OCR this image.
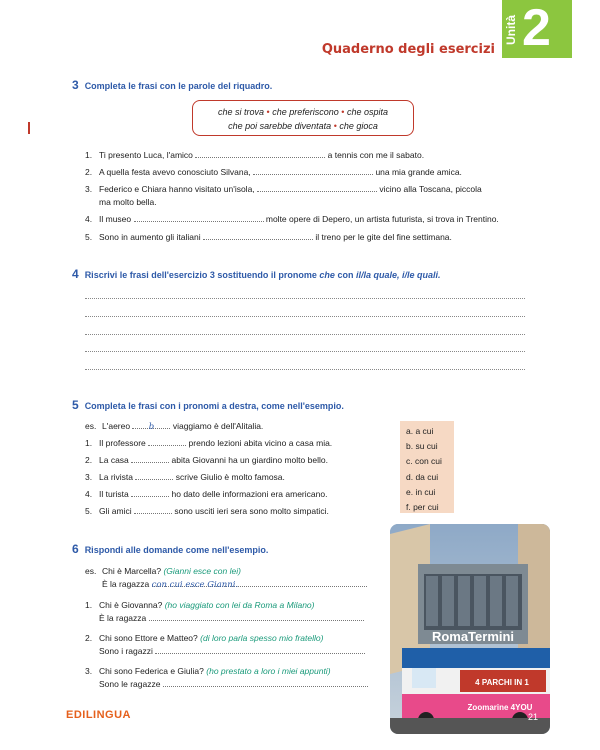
Unità 2
Quaderno degli esercizi
3 Completa le frasi con le parole del riquadro.
che si trova • che preferiscono • che ospita
che poi sarebbe diventata • che gioca
1. Ti presento Luca, l'amico	a tennis con me il sabato.
2. A quella festa avevo conosciuto Silvana,	una mia grande amica.
3. Federico e Chiara hanno visitato un'isola,	vicino alla Toscana, piccola
ma molto bella.
4. Il museo	molte opere di Depero, un artista futurista, si trova in Trentino.
5. Sono in aumento gli italiani	il treno per le gite del fine settimana.
4 Riscrivi le frasi dell'esercizio 3 sostituendo il pronome che con il/la quale, i/le quali.
5 Completa le frasi con i pronomi a destra, come nell'esempio.
es. L'aereo b viaggiamo è dell'Alitalia.
1. Il professore	prendo lezioni abita vicino a casa mia.
2. La casa	abita Giovanni ha un giardino molto bello.
3. La rivista	scrive Giulio è molto famosa.
4. Il turista	ho dato delle informazioni era americano.
5. Gli amici	sono usciti ieri sera sono molto simpatici.
a. a cui
b. su cui
c. con cui
d. da cui
e. in cui
f. per cui
6 Rispondi alle domande come nell'esempio.
es. Chi è Marcella? (Gianni esce con lei)
È la ragazza con cui esce Gianni.
1. Chi è Giovanna? (ho viaggiato con lei da Roma a Milano)
È la ragazza
2. Chi sono Ettore e Matteo? (di loro parla spesso mio fratello)
Sono i ragazzi
3. Chi sono Federica e Giulia? (ho prestato a loro i miei appunti)
Sono le ragazze
RomaTermini
4 PARCHI IN 1
Zoomarine 4YOU
21
EDILINGUA
